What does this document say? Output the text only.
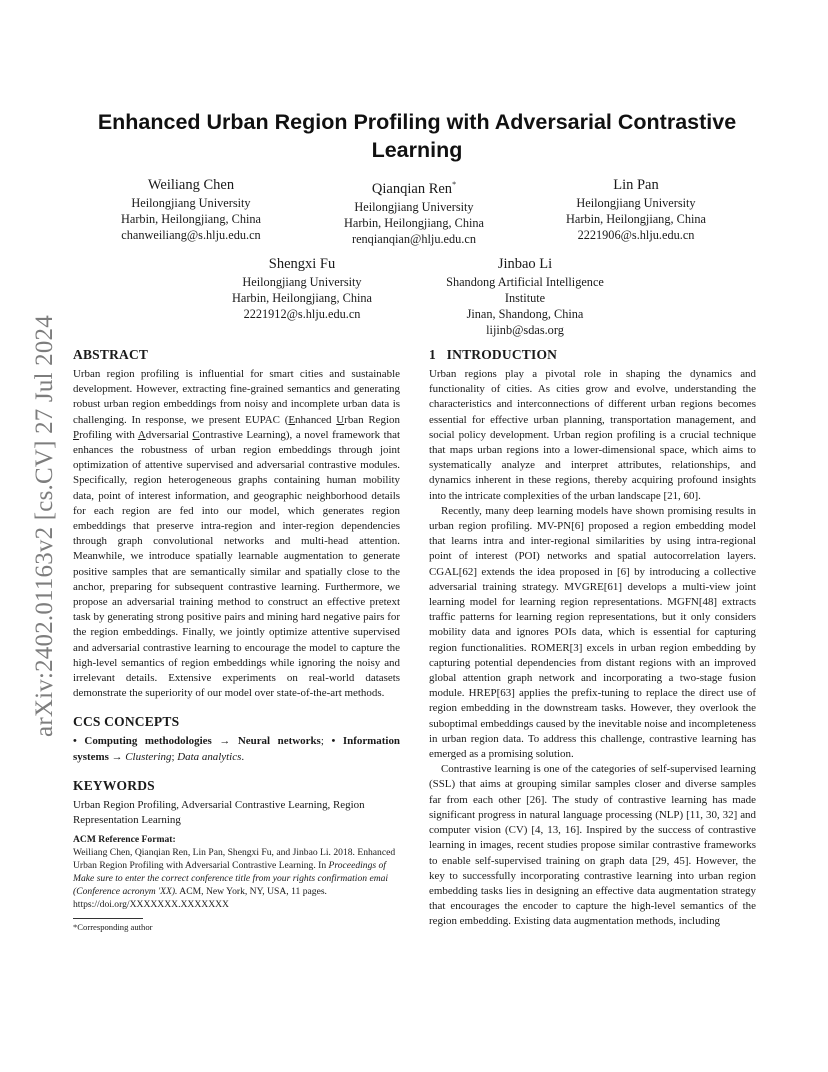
arXiv:2402.01163v2 [cs.CV] 27 Jul 2024
Enhanced Urban Region Profiling with Adversarial Contrastive Learning
Weiliang Chen
Heilongjiang University
Harbin, Heilongjiang, China
chanweiliang@s.hlju.edu.cn
Qianqian Ren*
Heilongjiang University
Harbin, Heilongjiang, China
renqianqian@hlju.edu.cn
Lin Pan
Heilongjiang University
Harbin, Heilongjiang, China
2221906@s.hlju.edu.cn
Shengxi Fu
Heilongjiang University
Harbin, Heilongjiang, China
2221912@s.hlju.edu.cn
Jinbao Li
Shandong Artificial Intelligence
Institute
Jinan, Shandong, China
lijinb@sdas.org
ABSTRACT

Urban region profiling is influential for smart cities and sustainable development. However, extracting fine-grained semantics and generating robust urban region embeddings from noisy and incomplete urban data is challenging. In response, we present EUPAC (Enhanced Urban Region Profiling with Adversarial Contrastive Learning), a novel framework that enhances the robustness of urban region embeddings through joint optimization of attentive supervised and adversarial contrastive modules. Specifically, region heterogeneous graphs containing human mobility data, point of interest information, and geographic neighborhood details for each region are fed into our model, which generates region embeddings that preserve intra-region and inter-region dependencies through graph convolutional networks and multi-head attention. Meanwhile, we introduce spatially learnable augmentation to generate positive samples that are semantically similar and spatially close to the anchor, preparing for subsequent contrastive learning. Furthermore, we propose an adversarial training method to construct an effective pretext task by generating strong positive pairs and mining hard negative pairs for the region embeddings. Finally, we jointly optimize attentive supervised and adversarial contrastive learning to encourage the model to capture the high-level semantics of region embeddings while ignoring the noisy and irrelevant details. Extensive experiments on real-world datasets demonstrate the superiority of our model over state-of-the-art methods.

CCS CONCEPTS

• Computing methodologies → Neural networks; • Information systems → Clustering; Data analytics.

KEYWORDS

Urban Region Profiling, Adversarial Contrastive Learning, Region Representation Learning

ACM Reference Format:
Weiliang Chen, Qianqian Ren, Lin Pan, Shengxi Fu, and Jinbao Li. 2018. Enhanced Urban Region Profiling with Adversarial Contrastive Learning. In Proceedings of Make sure to enter the correct conference title from your rights confirmation emai (Conference acronym 'XX). ACM, New York, NY, USA, 11 pages. https://doi.org/XXXXXXX.XXXXXXX
*Corresponding author
1   INTRODUCTION

Urban regions play a pivotal role in shaping the dynamics and functionality of cities. As cities grow and evolve, understanding the characteristics and interconnections of different urban regions becomes essential for effective urban planning, transportation management, and social policy development. Urban region profiling is a crucial technique that maps urban regions into a lower-dimensional space, which aims to systematically analyze and interpret attributes, relationships, and dynamics inherent in these regions, thereby acquiring profound insights into the intricate complexities of the urban landscape [21, 60].

Recently, many deep learning models have shown promising results in urban region profiling. MV-PN[6] proposed a region embedding model that learns intra and inter-regional similarities by using intra-regional point of interest (POI) networks and spatial autocorrelation layers. CGAL[62] extends the idea proposed in [6] by introducing a collective adversarial training strategy. MVGRE[61] develops a multi-view joint learning model for learning region representations. MGFN[48] extracts traffic patterns for learning region representations, but it only considers mobility data and ignores POIs data, which is essential for capturing region functionalities. ROMER[3] excels in urban region embedding by capturing potential dependencies from distant regions with an improved global attention graph network and incorporating a two-stage fusion module. HREP[63] applies the prefix-tuning to replace the direct use of region embedding in the downstream tasks. However, they overlook the suboptimal embeddings caused by the inevitable noise and incompleteness in urban region data. To address this challenge, contrastive learning has emerged as a promising solution.

Contrastive learning is one of the categories of self-supervised learning (SSL) that aims at grouping similar samples closer and diverse samples far from each other [26]. The study of contrastive learning has made significant progress in natural language processing (NLP) [11, 30, 32] and computer vision (CV) [4, 13, 16]. Inspired by the success of contrastive learning in images, recent studies propose similar contrastive frameworks to enable self-supervised training on graph data [29, 45]. However, the key to successfully incorporating contrastive learning into urban region embedding tasks lies in designing an effective data augmentation strategy that encourages the encoder to capture the high-level semantics of the region embedding. Existing data augmentation methods, including
